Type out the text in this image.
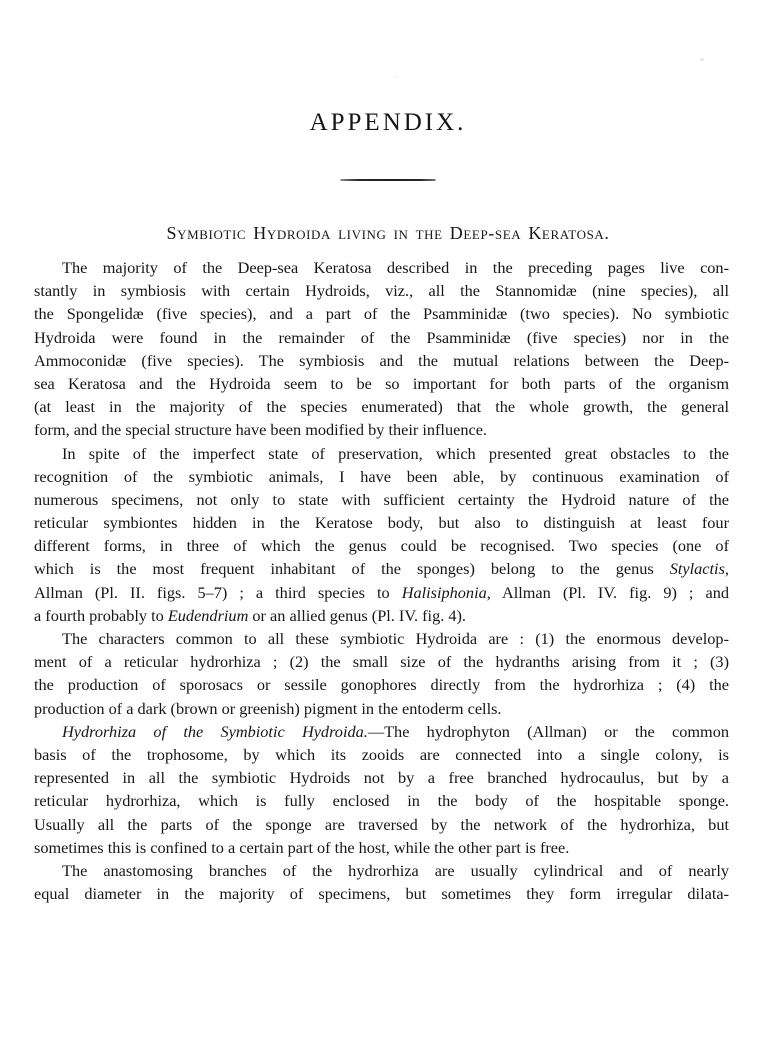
APPENDIX.
Symbiotic Hydroida living in the Deep-sea Keratosa.
The majority of the Deep-sea Keratosa described in the preceding pages live con-
stantly in symbiosis with certain Hydroids, viz., all the Stannomidæ (nine species), all
the Spongelidæ (five species), and a part of the Psamminidæ (two species). No symbiotic
Hydroida were found in the remainder of the Psamminidæ (five species) nor in the
Ammoconidæ (five species). The symbiosis and the mutual relations between the Deep-
sea Keratosa and the Hydroida seem to be so important for both parts of the organism
(at least in the majority of the species enumerated) that the whole growth, the general
form, and the special structure have been modified by their influence.
In spite of the imperfect state of preservation, which presented great obstacles to the
recognition of the symbiotic animals, I have been able, by continuous examination of
numerous specimens, not only to state with sufficient certainty the Hydroid nature of the
reticular symbiontes hidden in the Keratose body, but also to distinguish at least four
different forms, in three of which the genus could be recognised. Two species (one of
which is the most frequent inhabitant of the sponges) belong to the genus Stylactis,
Allman (Pl. II. figs. 5–7) ; a third species to Halisiphonia, Allman (Pl. IV. fig. 9) ; and
a fourth probably to Eudendrium or an allied genus (Pl. IV. fig. 4).
The characters common to all these symbiotic Hydroida are : (1) the enormous develop-
ment of a reticular hydrorhiza ; (2) the small size of the hydranths arising from it ; (3)
the production of sporosacs or sessile gonophores directly from the hydrorhiza ; (4) the
production of a dark (brown or greenish) pigment in the entoderm cells.
Hydrorhiza of the Symbiotic Hydroida.—The hydrophyton (Allman) or the common
basis of the trophosome, by which its zooids are connected into a single colony, is
represented in all the symbiotic Hydroids not by a free branched hydrocaulus, but by a
reticular hydrorhiza, which is fully enclosed in the body of the hospitable sponge.
Usually all the parts of the sponge are traversed by the network of the hydrorhiza, but
sometimes this is confined to a certain part of the host, while the other part is free.
The anastomosing branches of the hydrorhiza are usually cylindrical and of nearly
equal diameter in the majority of specimens, but sometimes they form irregular dilata-
